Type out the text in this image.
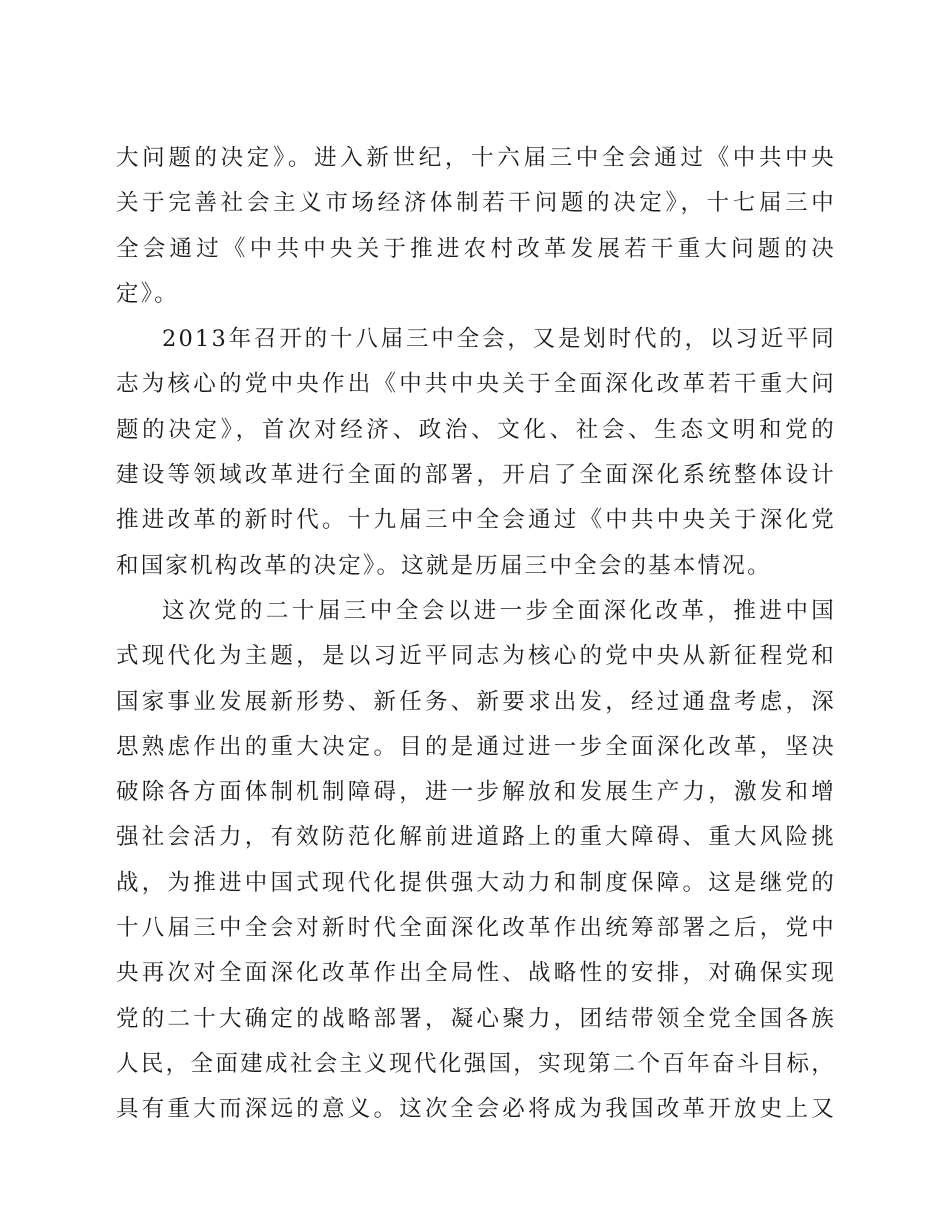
大问题的决定》。进入新世纪，十六届三中全会通过《中共中央
关于完善社会主义市场经济体制若干问题的决定》，十七届三中
全会通过《中共中央关于推进农村改革发展若干重大问题的决
定》。
2013年召开的十八届三中全会，又是划时代的，以习近平同
志为核心的党中央作出《中共中央关于全面深化改革若干重大问
题的决定》，首次对经济、政治、文化、社会、生态文明和党的
建设等领域改革进行全面的部署，开启了全面深化系统整体设计
推进改革的新时代。十九届三中全会通过《中共中央关于深化党
和国家机构改革的决定》。这就是历届三中全会的基本情况。
这次党的二十届三中全会以进一步全面深化改革，推进中国
式现代化为主题，是以习近平同志为核心的党中央从新征程党和
国家事业发展新形势、新任务、新要求出发，经过通盘考虑，深
思熟虑作出的重大决定。目的是通过进一步全面深化改革，坚决
破除各方面体制机制障碍，进一步解放和发展生产力，激发和增
强社会活力，有效防范化解前进道路上的重大障碍、重大风险挑
战，为推进中国式现代化提供强大动力和制度保障。这是继党的
十八届三中全会对新时代全面深化改革作出统筹部署之后，党中
央再次对全面深化改革作出全局性、战略性的安排，对确保实现
党的二十大确定的战略部署，凝心聚力，团结带领全党全国各族
人民，全面建成社会主义现代化强国，实现第二个百年奋斗目标，
具有重大而深远的意义。这次全会必将成为我国改革开放史上又
